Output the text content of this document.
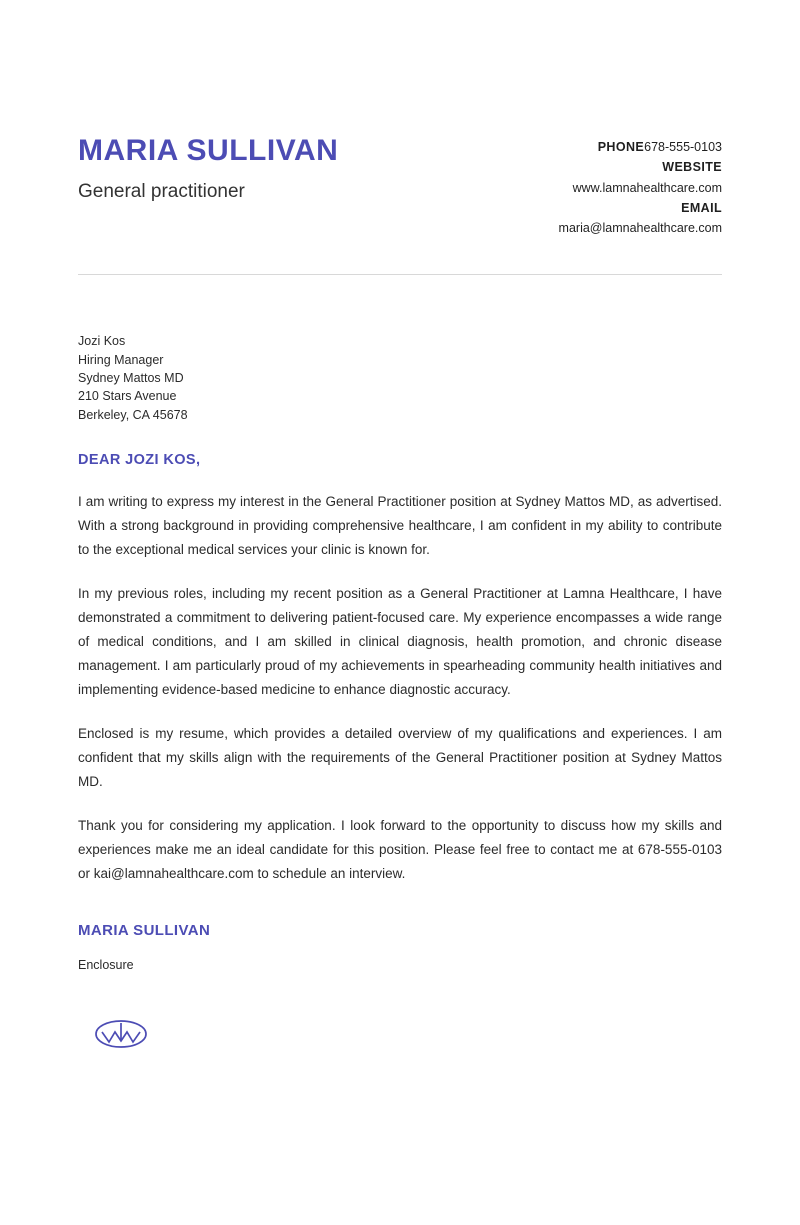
MARIA SULLIVAN
General practitioner
PHONE678-555-0103
WEBSITE
www.lamnahealthcare.com
EMAIL
maria@lamnahealthcare.com
Jozi Kos
Hiring Manager
Sydney Mattos MD
210 Stars Avenue
Berkeley, CA 45678
DEAR JOZI KOS,

I am writing to express my interest in the General Practitioner position at Sydney Mattos MD, as advertised. With a strong background in providing comprehensive healthcare, I am confident in my ability to contribute to the exceptional medical services your clinic is known for.

In my previous roles, including my recent position as a General Practitioner at Lamna Healthcare, I have demonstrated a commitment to delivering patient-focused care. My experience encompasses a wide range of medical conditions, and I am skilled in clinical diagnosis, health promotion, and chronic disease management. I am particularly proud of my achievements in spearheading community health initiatives and implementing evidence-based medicine to enhance diagnostic accuracy.

Enclosed is my resume, which provides a detailed overview of my qualifications and experiences. I am confident that my skills align with the requirements of the General Practitioner position at Sydney Mattos MD.

Thank you for considering my application. I look forward to the opportunity to discuss how my skills and experiences make me an ideal candidate for this position. Please feel free to contact me at 678-555-0103 or kai@lamnahealthcare.com to schedule an interview.

MARIA SULLIVAN
Enclosure
